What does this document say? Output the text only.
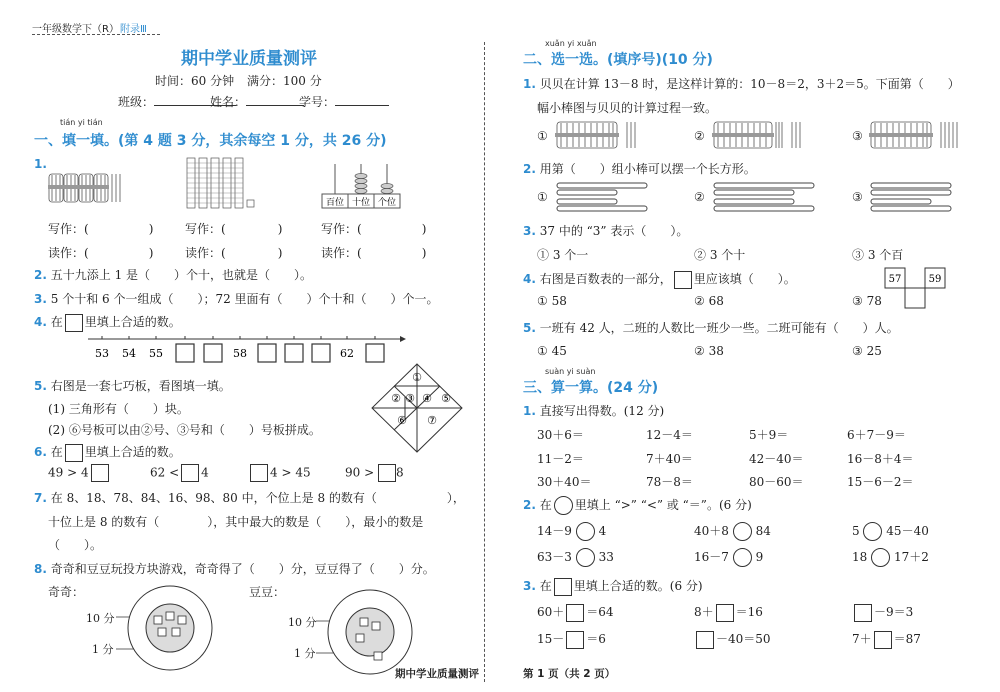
一年级数学下（R） 附录Ⅲ
期中学业质量测评
时间：60 分钟 满分：100 分
班级：	姓名：	学号：
tián yi tián
一、填一填。(第 4 题 3 分，其余每空 1 分，共 26 分)
1.
百位 十位 个位
写作：(	)
读作：(	)
写作：(	)
读作：(	)
写作：(	)
读作：(	)
2. 五十九添上 1 是（　　）个十，也就是（　　）。
3. 5 个十和 6 个一组成（　　）；72 里面有（　　）个十和（　　）个一。
4. 在 里填上合适的数。
53 54 55	58	62
5. 右图是一套七巧板，看图填一填。
(1) 三角形有（　　）块。
(2) ⑥号板可以由②号、③号和（　　）号板拼成。
①
② ③ ④ ⑤
⑥ ⑦
6. 在 里填上合适的数。
49 > 4	62 < 4	4 > 45	90 > 8
7. 在 8、18、78、84、16、98、80 中，个位上是 8 的数有（	），
十位上是 8 的数有（　　　　），其中最大的数是（　　），最小的数是
（　　）。
8. 奇奇和豆豆玩投方块游戏，奇奇得了（　　）分，豆豆得了（　　）分。
奇奇：	豆豆：
10 分
1 分
10 分
1 分
xuǎn yi xuǎn
二、选一选。(填序号)(10 分)
1. 贝贝在计算 13－8 时，是这样计算的：10－8＝2，3＋2＝5。下面第（　　）
幅小棒图与贝贝的计算过程一致。
①	②	③
2. 用第（　　）组小棒可以摆一个长方形。
①	②	③
3. 37 中的 “3” 表示（　　）。
① 3 个一	② 3 个十	③ 3 个百
4. 右图是百数表的一部分， 里应该填（　　）。	57	59
① 58	② 68	③ 78
5. 一班有 42 人，二班的人数比一班少一些。二班可能有（　　）人。
① 45	② 38	③ 25
suàn yi suàn
三、算一算。(24 分)
1. 直接写出得数。(12 分)
30＋6＝	12－4＝	5＋9＝	6＋7－9＝
11－2＝	7＋40＝	42－40＝	16－8＋4＝
30＋40＝	78－8＝	80－60＝	15－6－2＝
2. 在 里填上 “>” “<” 或 “＝”。(6 分)
14－9 4	40＋8 84	5 45－40
63－3 33	16－7 9	18 17＋2
3. 在 里填上合适的数。(6 分)
60＋ ＝64	8＋ ＝16	－9＝3
15－ ＝6	－40＝50	7＋ ＝87
期中学业质量测评	第 1 页（共 2 页）
